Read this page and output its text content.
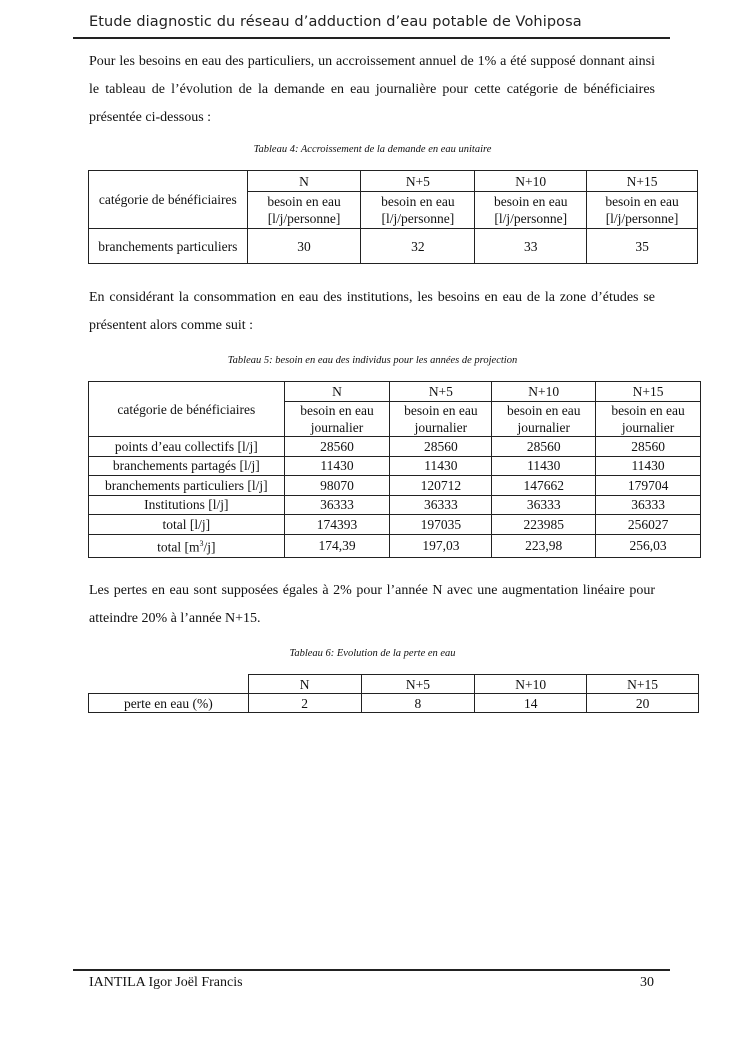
Etude diagnostic du réseau d’adduction d’eau potable de Vohiposa
Pour les besoins en eau des particuliers, un accroissement annuel de 1% a été supposé donnant ainsi le tableau de l’évolution de la demande en eau journalière pour cette catégorie de bénéficiaires présentée ci-dessous :
Tableau 4: Accroissement de la demande en eau unitaire
catégorie de bénéficiaires	N	N+5	N+10	N+15
	besoin en eau [l/j/personne]	besoin en eau [l/j/personne]	besoin en eau [l/j/personne]	besoin en eau [l/j/personne]
branchements particuliers	30	32	33	35
En considérant la consommation en eau des institutions, les besoins en eau de la zone d’études se présentent alors comme suit :
Tableau 5: besoin en eau des individus pour les années de projection
catégorie de bénéficiaires	N	N+5	N+10	N+15
	besoin en eau journalier	besoin en eau journalier	besoin en eau journalier	besoin en eau journalier
points d’eau collectifs [l/j]	28560	28560	28560	28560
branchements partagés [l/j]	11430	11430	11430	11430
branchements particuliers [l/j]	98070	120712	147662	179704
Institutions [l/j]	36333	36333	36333	36333
total [l/j]	174393	197035	223985	256027
total $[m^3/j]$	174,39	197,03	223,98	256,03
Les pertes en eau sont supposées égales à 2% pour l’année N avec une augmentation linéaire pour atteindre 20% à l’année N+15.
Tableau 6: Evolution de la perte en eau
	N	N+5	N+10	N+15
perte en eau (%)	2	8	14	20
IANTILA Igor Joël Francis	30
